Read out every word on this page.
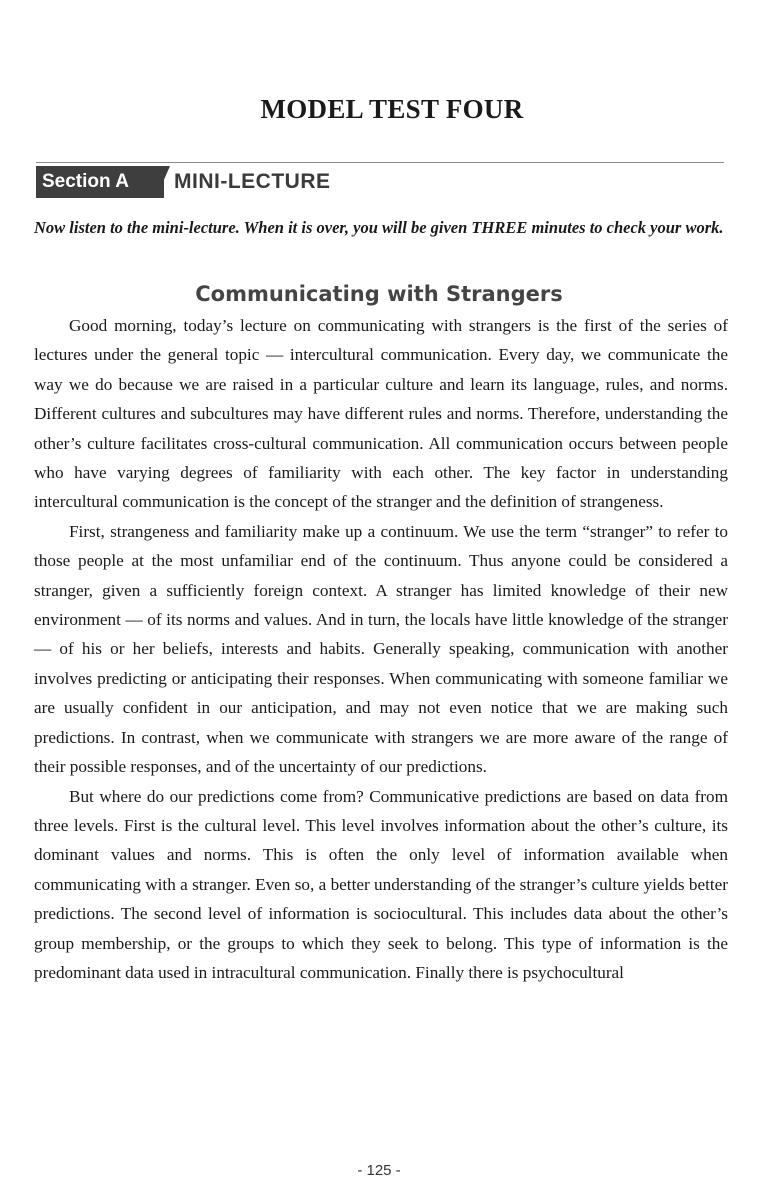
MODEL TEST FOUR
Section A	MINI-LECTURE

Now listen to the mini-lecture. When it is over, you will be given THREE minutes to check your work.

Communicating with Strangers

Good morning, today’s lecture on communicating with strangers is the first of the series of lectures under the general topic — intercultural communication. Every day, we communicate the way we do because we are raised in a particular culture and learn its language, rules, and norms. Different cultures and subcultures may have different rules and norms. Therefore, understanding the other’s culture facilitates cross-cultural communication. All communication occurs between people who have varying degrees of familiarity with each other. The key factor in understanding intercultural communication is the concept of the stranger and the definition of strangeness.

First, strangeness and familiarity make up a continuum. We use the term “stranger” to refer to those people at the most unfamiliar end of the continuum. Thus anyone could be considered a stranger, given a sufficiently foreign context. A stranger has limited knowledge of their new environment — of its norms and values. And in turn, the locals have little knowledge of the stranger — of his or her beliefs, interests and habits. Generally speaking, communication with another involves predicting or anticipating their responses. When communicating with someone familiar we are usually confident in our anticipation, and may not even notice that we are making such predictions. In contrast, when we communicate with strangers we are more aware of the range of their possible responses, and of the uncertainty of our predictions.

But where do our predictions come from? Communicative predictions are based on data from three levels. First is the cultural level. This level involves information about the other’s culture, its dominant values and norms. This is often the only level of information available when communicating with a stranger. Even so, a better understanding of the stranger’s culture yields better predictions. The second level of information is sociocultural. This includes data about the other’s group membership, or the groups to which they seek to belong. This type of information is the predominant data used in intracultural communication. Finally there is psychocultural

- 125 -
